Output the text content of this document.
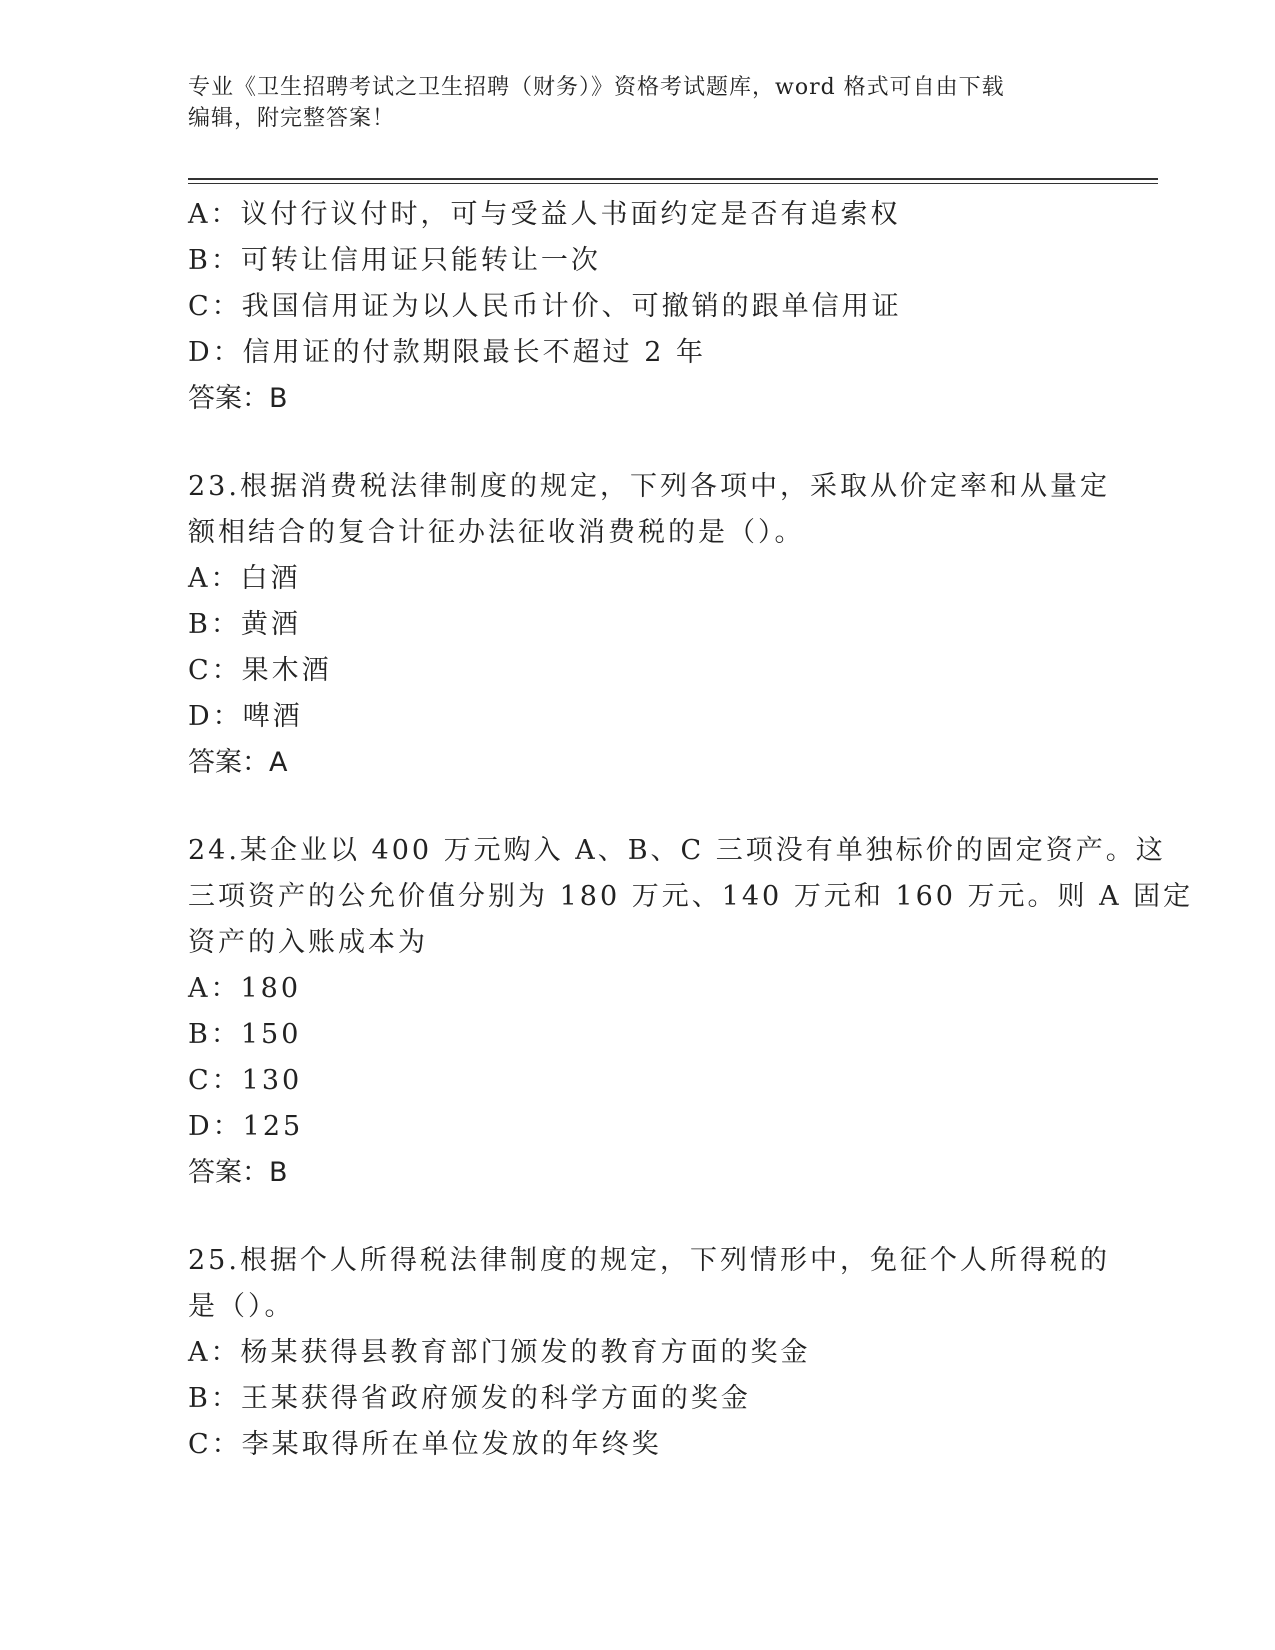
专业《卫生招聘考试之卫生招聘（财务）》资格考试题库，word 格式可自由下载
编辑，附完整答案！
A：议付行议付时，可与受益人书面约定是否有追索权
B：可转让信用证只能转让一次
C：我国信用证为以人民币计价、可撤销的跟单信用证
D：信用证的付款期限最长不超过 2 年
答案：B
23.根据消费税法律制度的规定，下列各项中，采取从价定率和从量定
额相结合的复合计征办法征收消费税的是（）。
A：白酒
B：黄酒
C：果木酒
D：啤酒
答案：A
24.某企业以 400 万元购入 A、B、C 三项没有单独标价的固定资产。这
三项资产的公允价值分别为 180 万元、140 万元和 160 万元。则 A 固定
资产的入账成本为
A：180
B：150
C：130
D：125
答案：B
25.根据个人所得税法律制度的规定，下列情形中，免征个人所得税的
是（）。
A：杨某获得县教育部门颁发的教育方面的奖金
B：王某获得省政府颁发的科学方面的奖金
C：李某取得所在单位发放的年终奖
